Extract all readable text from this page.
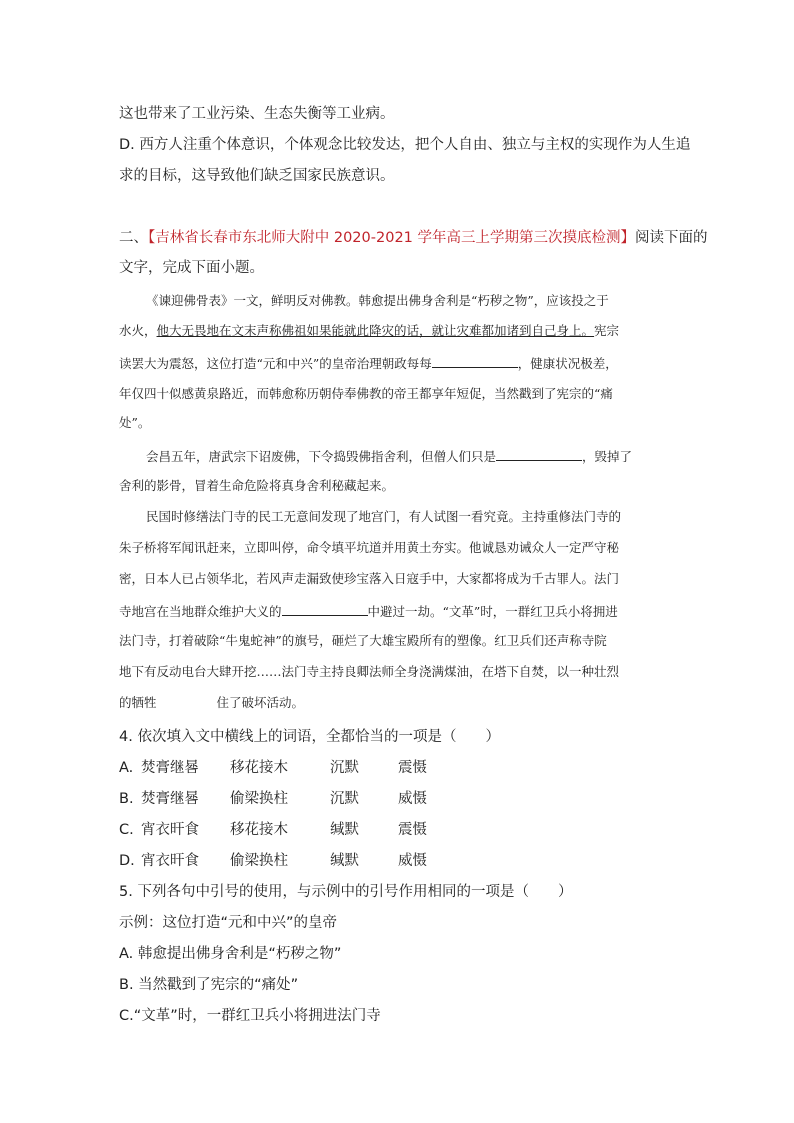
这也带来了工业污染、生态失衡等工业病。
D. 西方人注重个体意识，个体观念比较发达，把个人自由、独立与主权的实现作为人生追
求的目标，这导致他们缺乏国家民族意识。
二、【吉林省长春市东北师大附中 2020-2021 学年高三上学期第三次摸底检测】阅读下面的
文字，完成下面小题。
《谏迎佛骨表》一文，鲜明反对佛教。韩愈提出佛身舍利是“朽秽之物”，应该投之于
水火，他大无畏地在文末声称佛祖如果能就此降灾的话，就让灾难都加诸到自己身上。宪宗
读罢大为震怒，这位打造“元和中兴”的皇帝治理朝政每每	，健康状况极差，
年仅四十似感黄泉路近，而韩愈称历朝侍奉佛教的帝王都享年短促，当然戳到了宪宗的“痛
处”。
会昌五年，唐武宗下诏废佛，下令捣毁佛指舍利，但僧人们只是	，毁掉了
舍利的影骨，冒着生命危险将真身舍利秘藏起来。
民国时修缮法门寺的民工无意间发现了地宫门，有人试图一看究竟。主持重修法门寺的
朱子桥将军闻讯赶来，立即叫停，命令填平坑道并用黄土夯实。他诚恳劝诫众人一定严守秘
密，日本人已占领华北，若风声走漏致使珍宝落入日寇手中，大家都将成为千古罪人。法门
寺地宫在当地群众维护大义的	中避过一劫。“文革”时，一群红卫兵小将拥进
法门寺，打着破除“牛鬼蛇神”的旗号，砸烂了大雄宝殿所有的塑像。红卫兵们还声称寺院
地下有反动电台大肆开挖……法门寺主持良卿法师全身浇满煤油，在塔下自焚，以一种壮烈
的牺牲	住了破坏活动。
4. 依次填入文中横线上的词语，全都恰当的一项是（　　）
A. 焚膏继晷 移花接木	沉默	震慑
B. 焚膏继晷 偷梁换柱	沉默	威慑
C. 宵衣旰食 移花接木	缄默	震慑
D. 宵衣旰食 偷梁换柱	缄默	威慑
5. 下列各句中引号的使用，与示例中的引号作用相同的一项是（　　）
示例：这位打造“元和中兴”的皇帝
A. 韩愈提出佛身舍利是“朽秽之物”
B. 当然戳到了宪宗的“痛处”
C.“文革”时，一群红卫兵小将拥进法门寺
